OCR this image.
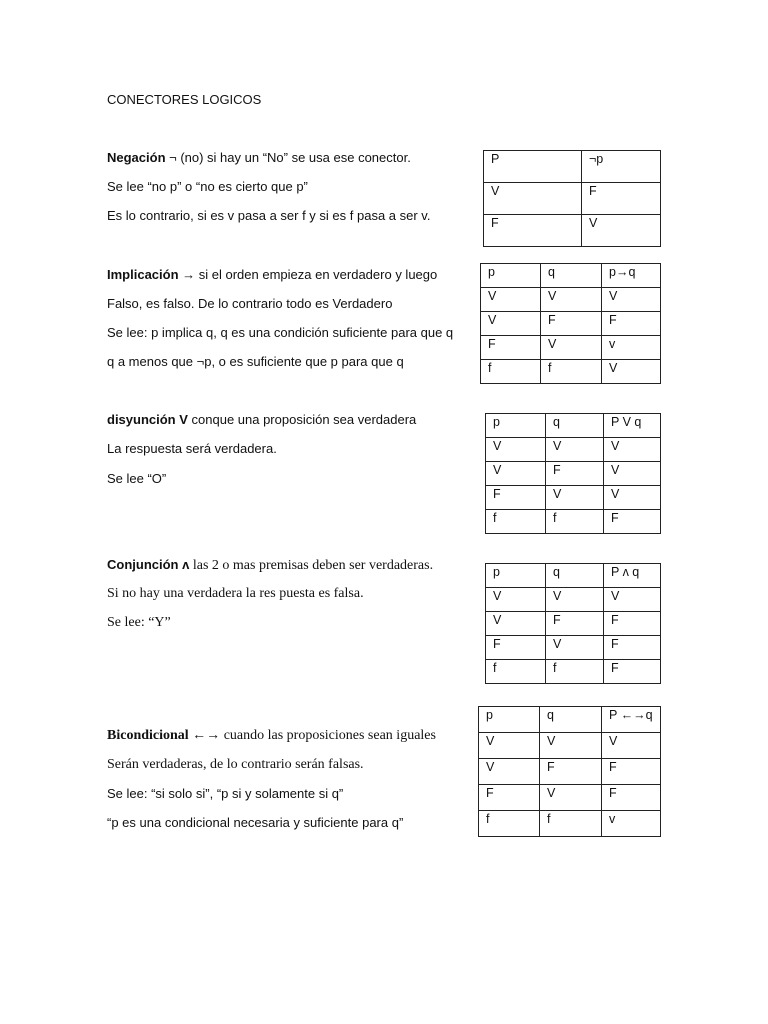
CONECTORES LOGICOS
Negación ¬ (no) si hay un “No” se usa ese conector.
Se lee “no p” o “no es cierto que p”
Es lo contrario, si es v pasa a ser f y si es f pasa a ser v.
P	¬p
V	F
F	V
Implicación → si el orden empieza en verdadero y luego
Falso, es falso. De lo contrario todo es Verdadero
Se lee: p implica q, q es una condición suficiente para que q
q a menos que ¬p, o es suficiente que p para que q
p	q	p→q
V	V	V
V	F	F
F	V	v
f	f	V
disyunción V conque una proposición sea verdadera
La respuesta será verdadera.
Se lee “O”
p	q	P V q
V	V	V
V	F	V
F	V	V
f	f	F
Conjunción ʌ las 2 o mas premisas deben ser verdaderas.
Si no hay una verdadera la res puesta es falsa.
Se lee: “Y”
p	q	P ʌ q
V	V	V
V	F	F
F	V	F
f	f	F
Bicondicional ←→ cuando las proposiciones sean iguales
Serán verdaderas, de lo contrario serán falsas.
Se lee: “si solo si”, “p si y solamente si q”
“p es una condicional necesaria y suficiente para q”
p	q	P ←→q
V	V	V
V	F	F
F	V	F
f	f	v
